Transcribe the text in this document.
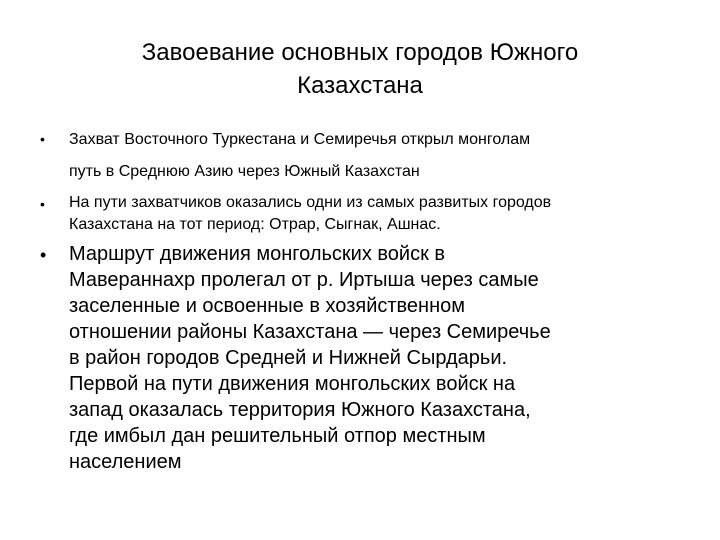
Завоевание основных городов Южного
Казахстана
• Захват Восточного Туркестана и Семиречья открыл монголам
путь в Среднюю Азию через Южный Казахстан
• На пути захватчиков оказались одни из самых развитых городов
Казахстана на тот период: Отрар, Сыгнак, Ашнас.
• Маршрут движения монгольских войск в
Мавераннахр пролегал от р. Иртыша через самые
заселенные и освоенные в хозяйственном
отношении районы Казахстана — через Семиречье
в район городов Средней и Нижней Сырдарьи.
Первой на пути движения монгольских войск на
запад оказалась территория Южного Казахстана,
где имбыл дан решительный отпор местным
населением
